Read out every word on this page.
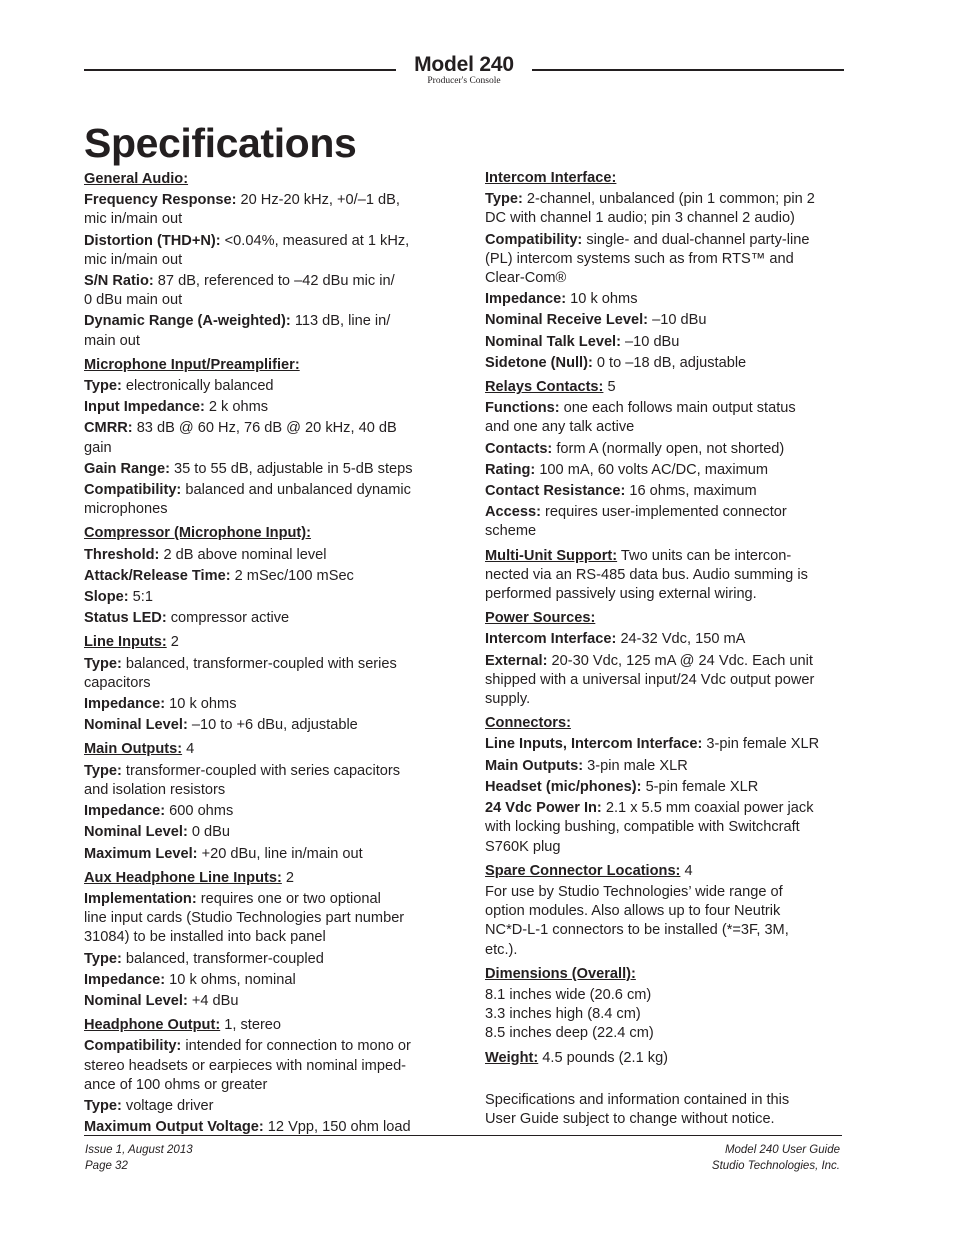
Model 240
Producer's Console
Specifications
General Audio:
Frequency Response: 20 Hz-20 kHz, +0/–1 dB,
mic in/main out
Distortion (THD+N): <0.04%, measured at 1 kHz,
mic in/main out
S/N Ratio: 87 dB, referenced to –42 dBu mic in/
0 dBu main out
Dynamic Range (A-weighted): 113 dB, line in/
main out
Microphone Input/Preamplifier:
Type: electronically balanced
Input Impedance: 2 k ohms
CMRR: 83 dB @ 60 Hz, 76 dB @ 20 kHz, 40 dB
gain
Gain Range: 35 to 55 dB, adjustable in 5-dB steps
Compatibility: balanced and unbalanced dynamic
microphones
Compressor (Microphone Input):
Threshold: 2 dB above nominal level
Attack/Release Time: 2 mSec/100 mSec
Slope: 5:1
Status LED: compressor active
Line Inputs: 2
Type: balanced, transformer-coupled with series
capacitors
Impedance: 10 k ohms
Nominal Level: –10 to +6 dBu, adjustable
Main Outputs: 4
Type: transformer-coupled with series capacitors
and isolation resistors
Impedance: 600 ohms
Nominal Level: 0 dBu
Maximum Level: +20 dBu, line in/main out
Aux Headphone Line Inputs: 2
Implementation: requires one or two optional
line input cards (Studio Technologies part number
31084) to be installed into back panel
Type: balanced, transformer-coupled
Impedance: 10 k ohms, nominal
Nominal Level: +4 dBu
Headphone Output: 1, stereo
Compatibility: intended for connection to mono or
stereo headsets or earpieces with nominal imped-
ance of 100 ohms or greater
Type: voltage driver
Maximum Output Voltage: 12 Vpp, 150 ohm load
Intercom Interface:
Type: 2-channel, unbalanced (pin 1 common; pin 2
DC with channel 1 audio; pin 3 channel 2 audio)
Compatibility: single- and dual-channel party-line
(PL) intercom systems such as from RTS™ and
Clear-Com®
Impedance: 10 k ohms
Nominal Receive Level: –10 dBu
Nominal Talk Level: –10 dBu
Sidetone (Null): 0 to –18 dB, adjustable
Relays Contacts: 5
Functions: one each follows main output status
and one any talk active
Contacts: form A (normally open, not shorted)
Rating: 100 mA, 60 volts AC/DC, maximum
Contact Resistance: 16 ohms, maximum
Access: requires user-implemented connector
scheme
Multi-Unit Support: Two units can be intercon-
nected via an RS-485 data bus. Audio summing is
performed passively using external wiring.
Power Sources:
Intercom Interface: 24-32 Vdc, 150 mA
External: 20-30 Vdc, 125 mA @ 24 Vdc. Each unit
shipped with a universal input/24 Vdc output power
supply.
Connectors:
Line Inputs, Intercom Interface: 3-pin female XLR
Main Outputs: 3-pin male XLR
Headset (mic/phones): 5-pin female XLR
24 Vdc Power In: 2.1 x 5.5 mm coaxial power jack
with locking bushing, compatible with Switchcraft
S760K plug
Spare Connector Locations: 4
For use by Studio Technologies’ wide range of
option modules. Also allows up to four Neutrik
NC*D-L-1 connectors to be installed (*=3F, 3M,
etc.).
Dimensions (Overall):
8.1 inches wide (20.6 cm)
3.3 inches high (8.4 cm)
8.5 inches deep (22.4 cm)
Weight: 4.5 pounds (2.1 kg)
Specifications and information contained in this
User Guide subject to change without notice.
Issue 1, August 2013
Page 32
Model 240 User Guide
Studio Technologies, Inc.
